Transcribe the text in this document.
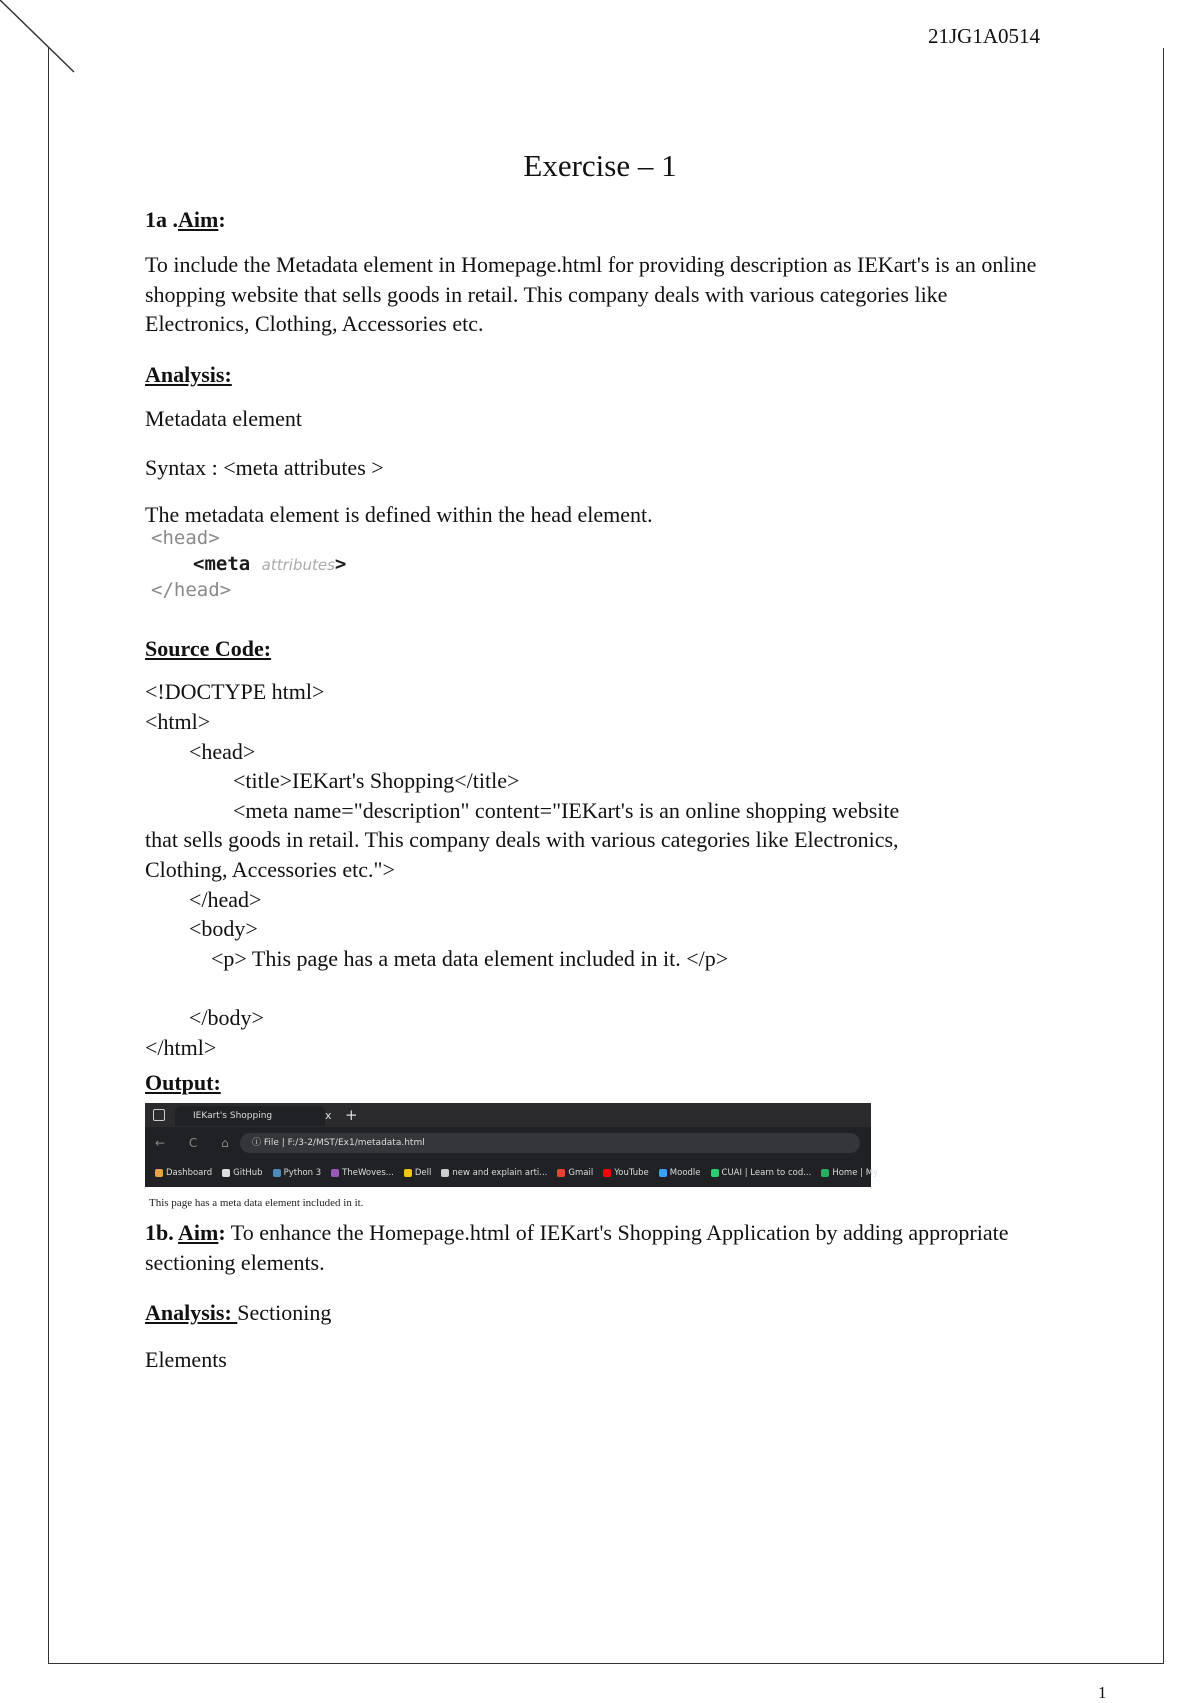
21JG1A0514
1
Exercise – 1
1a .Aim:

To include the Metadata element in Homepage.html for providing description as IEKart's is an online shopping website that sells goods in retail. This company deals with various categories like Electronics, Clothing, Accessories etc.

Analysis:
Metadata element
Syntax : <meta attributes >
The metadata element is defined within the head element.
<head>
<meta attributes>
</head>
Source Code:
<!DOCTYPE html>
<html>
<head>
<title>IEKart's Shopping</title>
<meta name="description" content="IEKart's is an online shopping website
that sells goods in retail. This company deals with various categories like Electronics,
Clothing, Accessories etc.">
</head>
<body>
<p> This page has a meta data element included in it. </p>
</body>
</html>
Output:
IEKart's Shopping	x +
← C ⌂	ⓘ File | F:/3-2/MST/Ex1/metadata.html
Dashboard GitHub Python 3 TheWoves... Dell new and explain arti... Gmail YouTube Moodle CUAI | Learn to cod... Home | My
This page has a meta data element included in it.
1b. Aim: To enhance the Homepage.html of IEKart's Shopping Application by adding appropriate sectioning elements.
Analysis: Sectioning
Elements
